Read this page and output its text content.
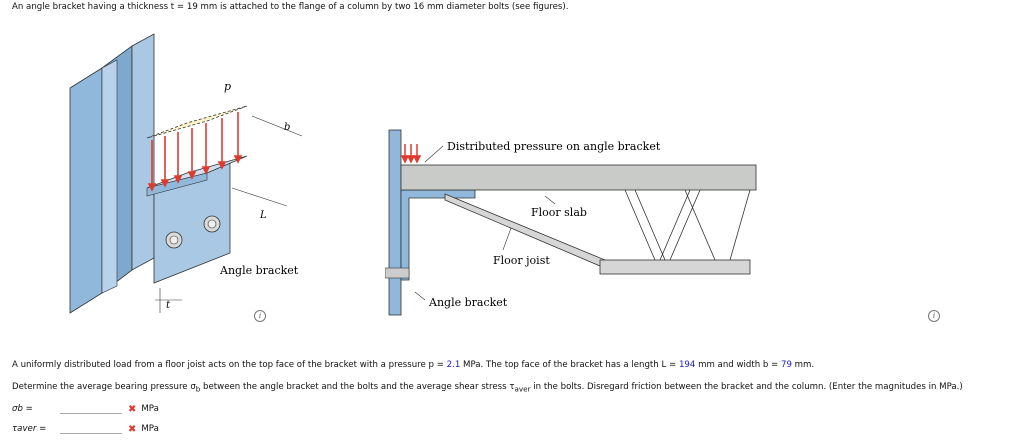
An angle bracket having a thickness t = 19 mm is attached to the flange of a column by two 16 mm diameter bolts (see figures).
p
b
L
t
Angle bracket
i
Distributed pressure on angle bracket
Floor slab
Floor joist
Angle bracket
i
A uniformly distributed load from a floor joist acts on the top face of the bracket with a pressure p = 2.1 MPa. The top face of the bracket has a length L = 194 mm and width b = 79 mm.
Determine the average bearing pressure $\sigma_b$ between the angle bracket and the bolts and the average shear stress $\tau_{aver}$ in the bolts. Disregard friction between the bracket and the column. (Enter the magnitudes in MPa.)
σb =	✖ MPa
τaver =	✖ MPa
